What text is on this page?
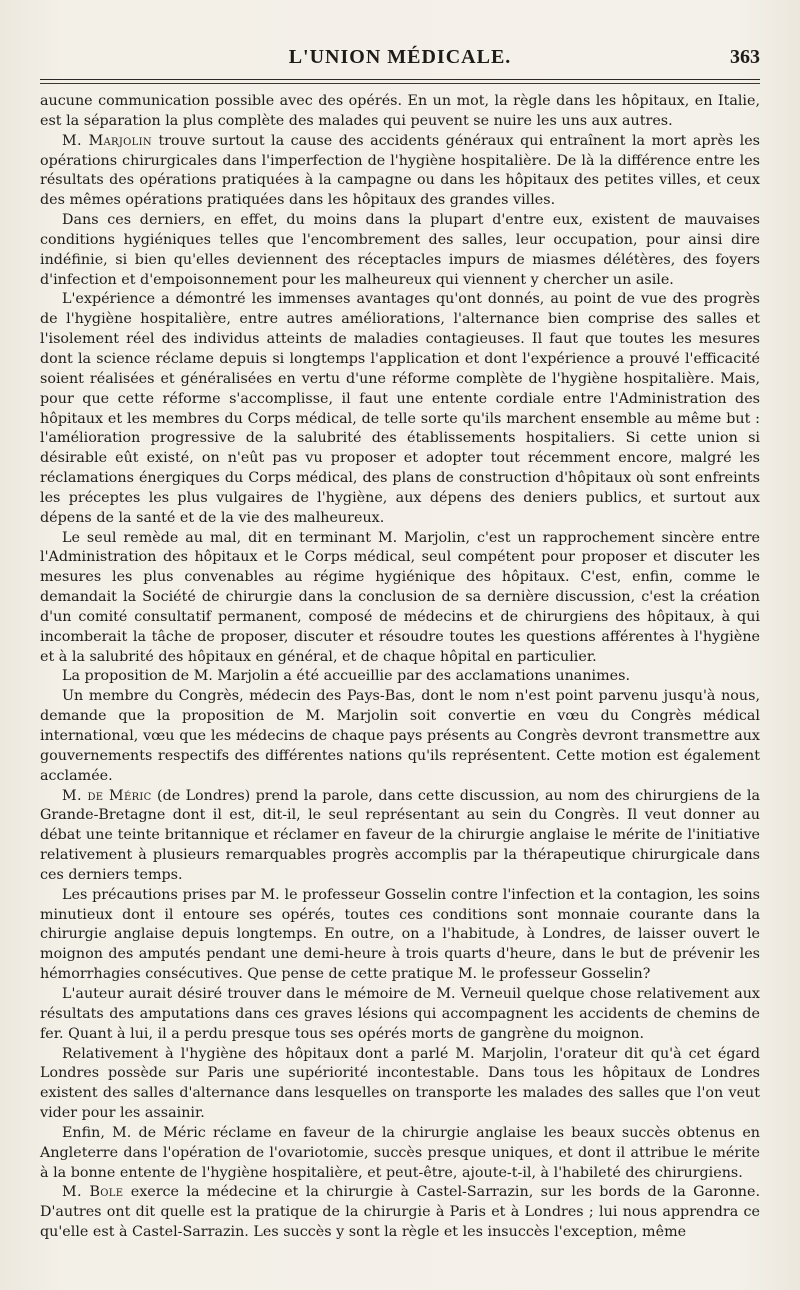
L'UNION MÉDICALE.	363

aucune communication possible avec des opérés. En un mot, la règle dans les hôpitaux, en Italie, est la séparation la plus complète des malades qui peuvent se nuire les uns aux autres.

M. Marjolin trouve surtout la cause des accidents généraux qui entraînent la mort après les opérations chirurgicales dans l'imperfection de l'hygiène hospitalière. De là la différence entre les résultats des opérations pratiquées à la campagne ou dans les hôpitaux des petites villes, et ceux des mêmes opérations pratiquées dans les hôpitaux des grandes villes.

Dans ces derniers, en effet, du moins dans la plupart d'entre eux, existent de mauvaises conditions hygiéniques telles que l'encombrement des salles, leur occupation, pour ainsi dire indéfinie, si bien qu'elles deviennent des réceptacles impurs de miasmes délétères, des foyers d'infection et d'empoisonnement pour les malheureux qui viennent y chercher un asile.

L'expérience a démontré les immenses avantages qu'ont donnés, au point de vue des progrès de l'hygiène hospitalière, entre autres améliorations, l'alternance bien comprise des salles et l'isolement réel des individus atteints de maladies contagieuses. Il faut que toutes les mesures dont la science réclame depuis si longtemps l'application et dont l'expérience a prouvé l'efficacité soient réalisées et généralisées en vertu d'une réforme complète de l'hygiène hospitalière. Mais, pour que cette réforme s'accomplisse, il faut une entente cordiale entre l'Administration des hôpitaux et les membres du Corps médical, de telle sorte qu'ils marchent ensemble au même but : l'amélioration progressive de la salubrité des établissements hospitaliers. Si cette union si désirable eût existé, on n'eût pas vu proposer et adopter tout récemment encore, malgré les réclamations énergiques du Corps médical, des plans de construction d'hôpitaux où sont enfreints les préceptes les plus vulgaires de l'hygiène, aux dépens des deniers publics, et surtout aux dépens de la santé et de la vie des malheureux.

Le seul remède au mal, dit en terminant M. Marjolin, c'est un rapprochement sincère entre l'Administration des hôpitaux et le Corps médical, seul compétent pour proposer et discuter les mesures les plus convenables au régime hygiénique des hôpitaux. C'est, enfin, comme le demandait la Société de chirurgie dans la conclusion de sa dernière discussion, c'est la création d'un comité consultatif permanent, composé de médecins et de chirurgiens des hôpitaux, à qui incomberait la tâche de proposer, discuter et résoudre toutes les questions afférentes à l'hygiène et à la salubrité des hôpitaux en général, et de chaque hôpital en particulier.

La proposition de M. Marjolin a été accueillie par des acclamations unanimes.

Un membre du Congrès, médecin des Pays-Bas, dont le nom n'est point parvenu jusqu'à nous, demande que la proposition de M. Marjolin soit convertie en vœu du Congrès médical international, vœu que les médecins de chaque pays présents au Congrès devront transmettre aux gouvernements respectifs des différentes nations qu'ils représentent. Cette motion est également acclamée.

M. de Méric (de Londres) prend la parole, dans cette discussion, au nom des chirurgiens de la Grande-Bretagne dont il est, dit-il, le seul représentant au sein du Congrès. Il veut donner au débat une teinte britannique et réclamer en faveur de la chirurgie anglaise le mérite de l'initiative relativement à plusieurs remarquables progrès accomplis par la thérapeutique chirurgicale dans ces derniers temps.

Les précautions prises par M. le professeur Gosselin contre l'infection et la contagion, les soins minutieux dont il entoure ses opérés, toutes ces conditions sont monnaie courante dans la chirurgie anglaise depuis longtemps. En outre, on a l'habitude, à Londres, de laisser ouvert le moignon des amputés pendant une demi-heure à trois quarts d'heure, dans le but de prévenir les hémorrhagies consécutives. Que pense de cette pratique M. le professeur Gosselin?

L'auteur aurait désiré trouver dans le mémoire de M. Verneuil quelque chose relativement aux résultats des amputations dans ces graves lésions qui accompagnent les accidents de chemins de fer. Quant à lui, il a perdu presque tous ses opérés morts de gangrène du moignon.

Relativement à l'hygiène des hôpitaux dont a parlé M. Marjolin, l'orateur dit qu'à cet égard Londres possède sur Paris une supériorité incontestable. Dans tous les hôpitaux de Londres existent des salles d'alternance dans lesquelles on transporte les malades des salles que l'on veut vider pour les assainir.

Enfin, M. de Méric réclame en faveur de la chirurgie anglaise les beaux succès obtenus en Angleterre dans l'opération de l'ovariotomie, succès presque uniques, et dont il attribue le mérite à la bonne entente de l'hygiène hospitalière, et peut-être, ajoute-t-il, à l'habileté des chirurgiens.

M. Bole exerce la médecine et la chirurgie à Castel-Sarrazin, sur les bords de la Garonne. D'autres ont dit quelle est la pratique de la chirurgie à Paris et à Londres ; lui nous apprendra ce qu'elle est à Castel-Sarrazin. Les succès y sont la règle et les insuccès l'exception, même
